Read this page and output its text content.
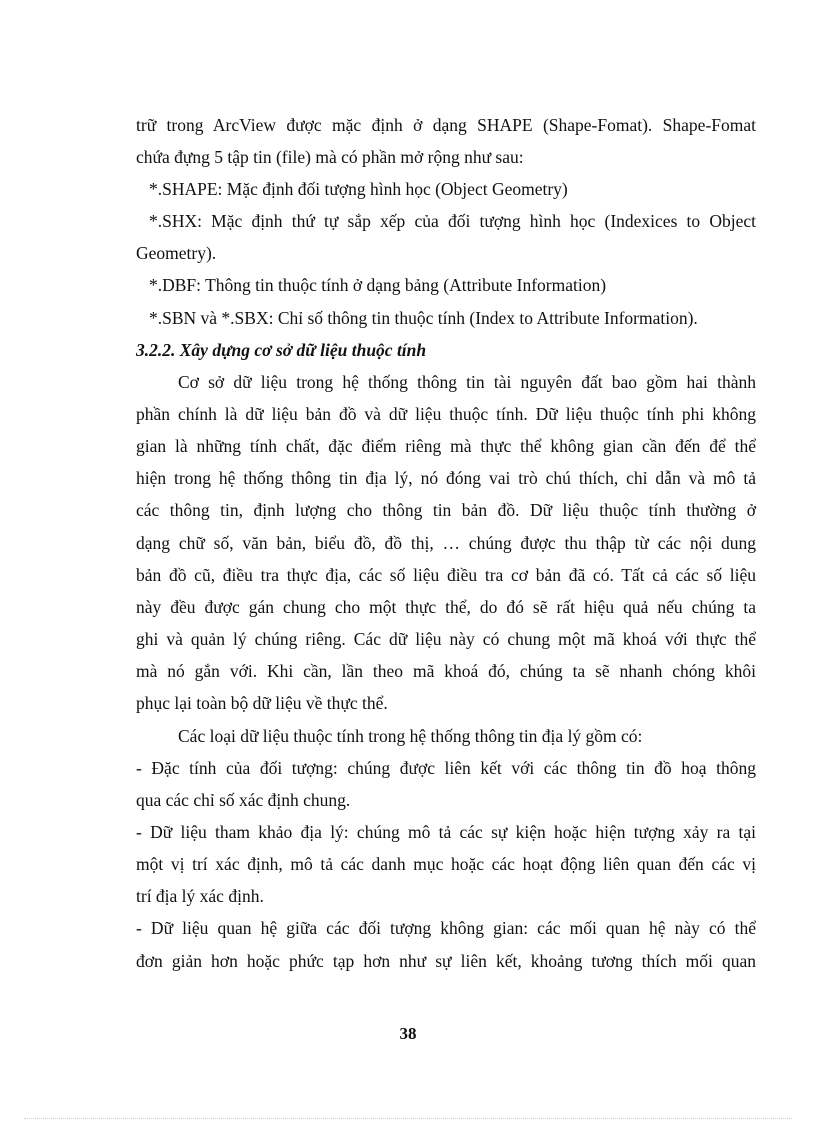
trữ trong ArcView được mặc định ở dạng SHAPE (Shape-Fomat). Shape-Fomat
chứa đựng 5 tập tin (file) mà có phần mở rộng như sau:
*.SHAPE: Mặc định đối tượng hình học (Object Geometry)
*.SHX: Mặc định thứ tự sắp xếp của đối tượng hình học (Indexices to Object
Geometry).
*.DBF: Thông tin thuộc tính ở dạng bảng (Attribute Information)
*.SBN và *.SBX: Chỉ số thông tin thuộc tính (Index to Attribute Information).
3.2.2. Xây dựng cơ sở dữ liệu thuộc tính
Cơ sở dữ liệu trong hệ thống thông tin tài nguyên đất bao gồm hai thành
phần chính là dữ liệu bản đồ và dữ liệu thuộc tính. Dữ liệu thuộc tính phi không
gian là những tính chất, đặc điểm riêng mà thực thể không gian cần đến để thể
hiện trong hệ thống thông tin địa lý, nó đóng vai trò chú thích, chỉ dẫn và mô tả
các thông tin, định lượng cho thông tin bản đồ. Dữ liệu thuộc tính thường ở
dạng chữ số, văn bản, biểu đồ, đồ thị, … chúng được thu thập từ các nội dung
bản đồ cũ, điều tra thực địa, các số liệu điều tra cơ bản đã có. Tất cả các số liệu
này đều được gán chung cho một thực thể, do đó sẽ rất hiệu quả nếu chúng ta
ghi và quản lý chúng riêng. Các dữ liệu này có chung một mã khoá với thực thể
mà nó gắn với. Khi cần, lần theo mã khoá đó, chúng ta sẽ nhanh chóng khôi
phục lại toàn bộ dữ liệu về thực thể.
Các loại dữ liệu thuộc tính trong hệ thống thông tin địa lý gồm có:
- Đặc tính của đối tượng: chúng được liên kết với các thông tin đồ hoạ thông
qua các chỉ số xác định chung.
- Dữ liệu tham khảo địa lý: chúng mô tả các sự kiện hoặc hiện tượng xảy ra tại
một vị trí xác định, mô tả các danh mục hoặc các hoạt động liên quan đến các vị
trí địa lý xác định.
- Dữ liệu quan hệ giữa các đối tượng không gian: các mối quan hệ này có thể
đơn giản hơn hoặc phức tạp hơn như sự liên kết, khoảng tương thích mối quan
38
